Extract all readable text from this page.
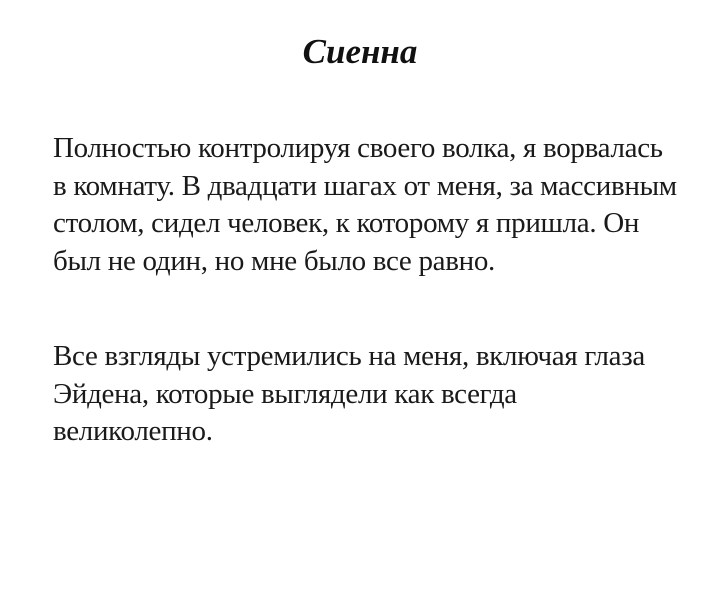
Сиенна

Полностью контролируя своего волка, я ворвалась в комнату. В двадцати шагах от меня, за массивным столом, сидел человек, к которому я пришла. Он был не один, но мне было все равно.

Все взгляды устремились на меня, включая глаза Эйдена, которые выглядели как всегда великолепно.
